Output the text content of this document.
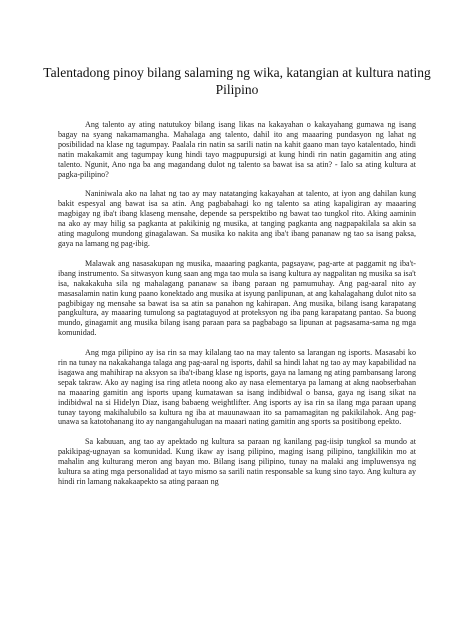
Talentadong pinoy bilang salaming ng wika, katangian at kultura nating Pilipino

Ang talento ay ating natutukoy bilang isang likas na kakayahan o kakayahang gumawa ng isang bagay na syang nakamamangha. Mahalaga ang talento, dahil ito ang maaaring pundasyon ng lahat ng posibilidad na klase ng tagumpay. Paalala rin natin sa sarili natin na kahit gaano man tayo katalentado, hindi natin makakamit ang tagumpay kung hindi tayo magpupursigi at kung hindi rin natin gagamitin ang ating talento. Ngunit, Ano nga ba ang magandang dulot ng talento sa bawat isa sa atin? - Ialo sa ating kultura at pagka-pilipino?

Naniniwala ako na lahat ng tao ay may natatanging kakayahan at talento, at iyon ang dahilan kung bakit espesyal ang bawat isa sa atin. Ang pagbabahagi ko ng talento sa ating kapaligiran ay maaaring magbigay ng iba't ibang klaseng mensahe, depende sa perspektibo ng bawat tao tungkol rito. Aking aaminin na ako ay may hilig sa pagkanta at pakikinig ng musika, at tanging pagkanta ang nagpapakilala sa akin sa ating magulong mundong ginagalawan. Sa musika ko nakita ang iba't ibang pananaw ng tao sa isang paksa, gaya na lamang ng pag-ibig.

Malawak ang nasasakupan ng musika, maaaring pagkanta, pagsayaw, pag-arte at paggamit ng iba't-ibang instrumento. Sa sitwasyon kung saan ang mga tao mula sa isang kultura ay nagpalitan ng musika sa isa't isa, nakakakuha sila ng mahalagang pananaw sa ibang paraan ng pamumuhay. Ang pag-aaral nito ay masasalamin natin kung paano konektado ang musika at isyung panlipunan, at ang kahalagahang dulot nito sa pagbibigay ng mensahe sa bawat isa sa atin sa panahon ng kahirapan. Ang musika, bilang isang karapatang pangkultura, ay maaaring tumulong sa pagtataguyod at proteksyon ng iba pang karapatang pantao. Sa buong mundo, ginagamit ang musika bilang isang paraan para sa pagbabago sa lipunan at pagsasama-sama ng mga komunidad.

Ang mga pilipino ay isa rin sa may kilalang tao na may talento sa larangan ng isports. Masasabi ko rin na tunay na nakakahanga talaga ang pag-aaral ng isports, dahil sa hindi lahat ng tao ay may kapabilidad na isagawa ang mahihirap na aksyon sa iba't-ibang klase ng isports, gaya na lamang ng ating pambansang larong sepak takraw. Ako ay naging isa ring atleta noong ako ay nasa elementarya pa lamang at akng naobserbahan na maaaring gamitin ang isports upang kumatawan sa isang indibidwal o bansa, gaya ng isang sikat na indibidwal na si Hidelyn Diaz, isang babaeng weightlifter. Ang isports ay isa rin sa ilang mga paraan upang tunay tayong makihalubilo sa kultura ng iba at mauunawaan ito sa pamamagitan ng pakikilahok. Ang pag-unawa sa katotohanang ito ay nangangahulugan na maaari nating gamitin ang sports sa positibong epekto.

Sa kabuuan, ang tao ay apektado ng kultura sa paraan ng kanilang pag-iisip tungkol sa mundo at pakikipag-ugnayan sa komunidad. Kung ikaw ay isang pilipino, maging isang pilipino, tangkilikin mo at mahalin ang kulturang meron ang bayan mo. Bilang isang pilipino, tunay na malaki ang impluwensya ng kultura sa ating mga personalidad at tayo mismo sa sarili natin responsable sa kung sino tayo. Ang kultura ay hindi rin lamang nakakaapekto sa ating paraan ng
